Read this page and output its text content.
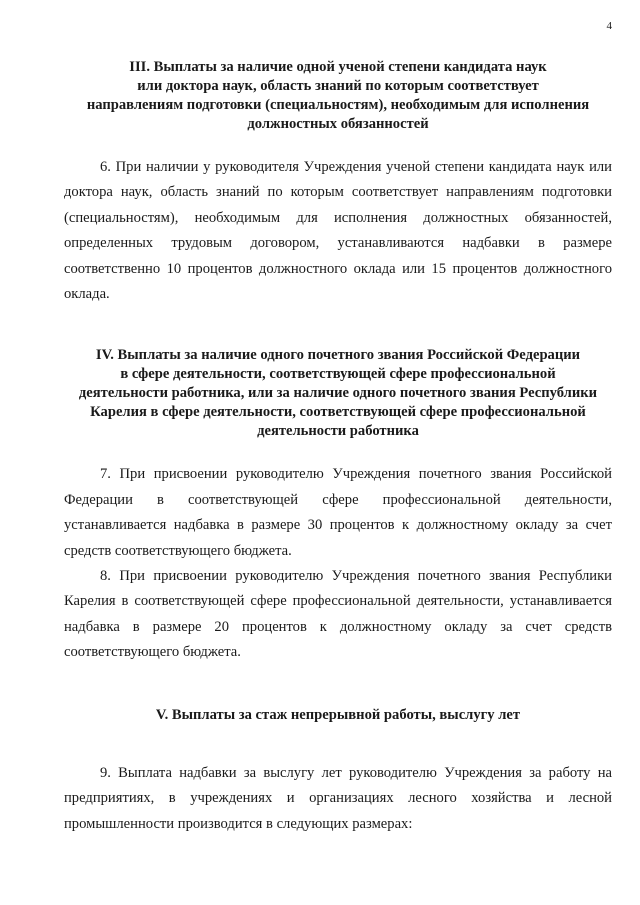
4
III. Выплаты за наличие одной ученой степени кандидата наук
или доктора наук, область знаний по которым соответствует
направлениям подготовки (специальностям), необходимым для исполнения
должностных обязанностей

6. При наличии у руководителя Учреждения ученой степени кандидата наук или доктора наук, область знаний по которым соответствует направлениям подготовки (специальностям), необходимым для исполнения должностных обязанностей, определенных трудовым договором, устанавливаются надбавки в размере соответственно 10 процентов должностного оклада или 15 процентов должностного оклада.

IV. Выплаты за наличие одного почетного звания Российской Федерации
в сфере деятельности, соответствующей сфере профессиональной
деятельности работника, или за наличие одного почетного звания Республики
Карелия в сфере деятельности, соответствующей сфере профессиональной
деятельности работника

7. При присвоении руководителю Учреждения почетного звания Российской Федерации в соответствующей сфере профессиональной деятельности, устанавливается надбавка в размере 30 процентов к должностному окладу за счет средств соответствующего бюджета.

8. При присвоении руководителю Учреждения почетного звания Республики Карелия в соответствующей сфере профессиональной деятельности, устанавливается надбавка в размере 20 процентов к должностному окладу за счет средств соответствующего бюджета.

V. Выплаты за стаж непрерывной работы, выслугу лет

9. Выплата надбавки за выслугу лет руководителю Учреждения за работу на предприятиях, в учреждениях и организациях лесного хозяйства и лесной промышленности производится в следующих размерах:
